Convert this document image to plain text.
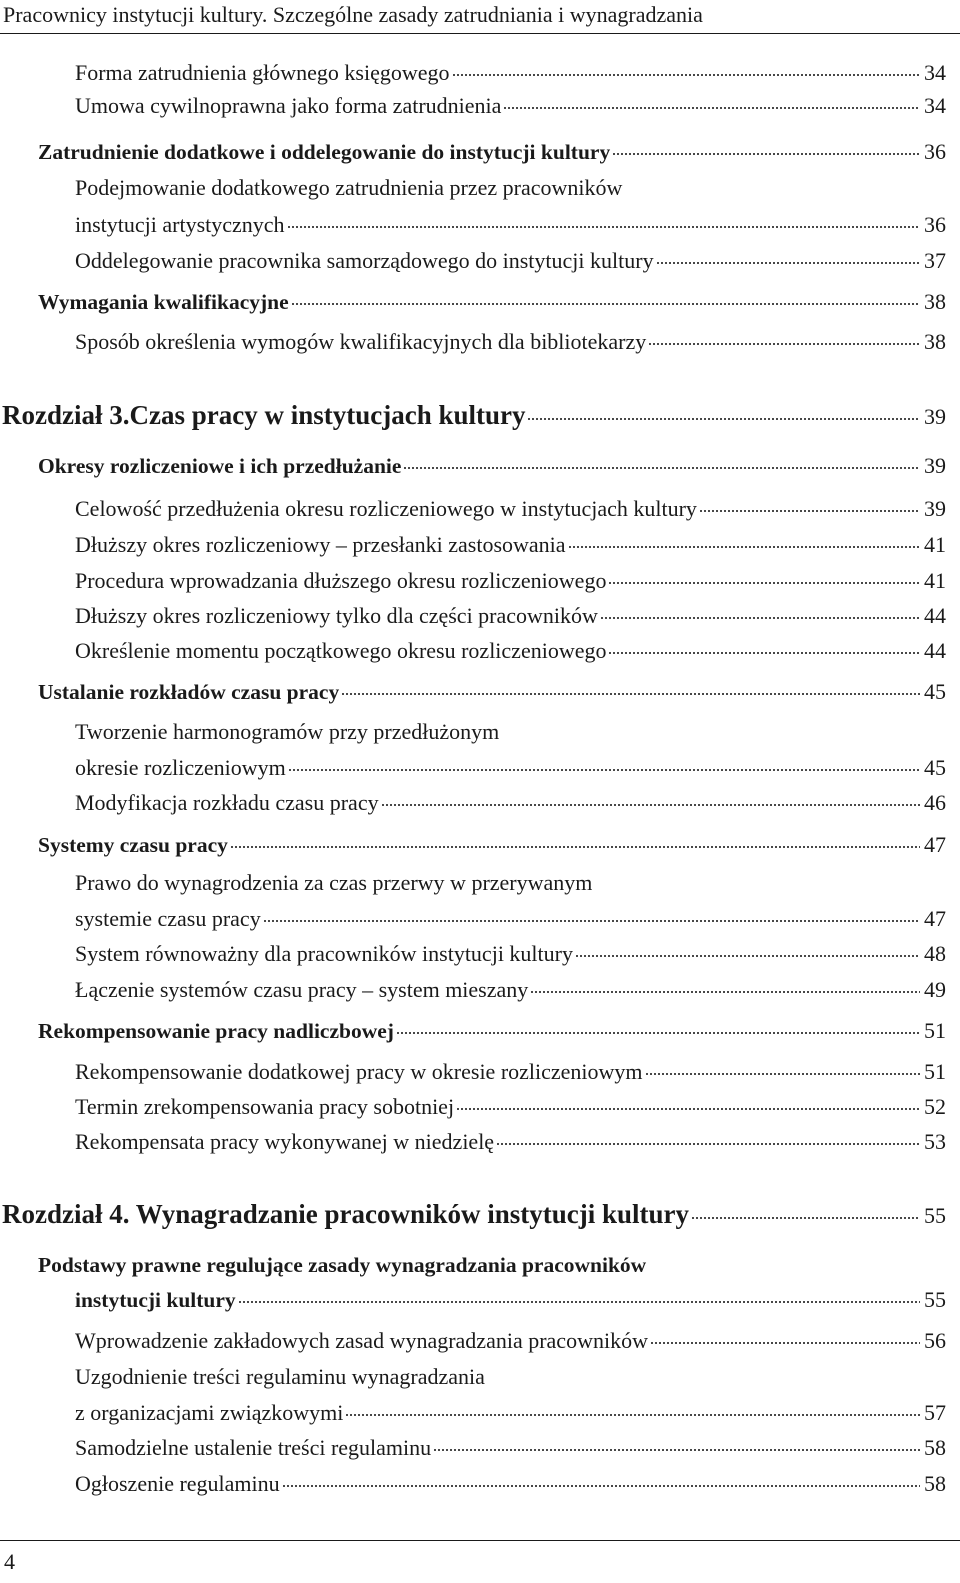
Pracownicy instytucji kultury. Szczególne zasady zatrudniania i wynagradzania
Forma zatrudnienia głównego księgowego	34
Umowa cywilnoprawna jako forma zatrudnienia	34
Zatrudnienie dodatkowe i oddelegowanie do instytucji kultury	36
Podejmowanie dodatkowego zatrudnienia przez pracowników
instytucji artystycznych	36
Oddelegowanie pracownika samorządowego do instytucji kultury	37
Wymagania kwalifikacyjne	38
Sposób określenia wymogów kwalifikacyjnych dla bibliotekarzy	38
Rozdział 3.Czas pracy w instytucjach kultury	39
Okresy rozliczeniowe i ich przedłużanie	39
Celowość przedłużenia okresu rozliczeniowego w instytucjach kultury	39
Dłuższy okres rozliczeniowy – przesłanki zastosowania	41
Procedura wprowadzania dłuższego okresu rozliczeniowego	41
Dłuższy okres rozliczeniowy tylko dla części pracowników	44
Określenie momentu początkowego okresu rozliczeniowego	44
Ustalanie rozkładów czasu pracy	45
Tworzenie harmonogramów przy przedłużonym
okresie rozliczeniowym	45
Modyfikacja rozkładu czasu pracy	46
Systemy czasu pracy	47
Prawo do wynagrodzenia za czas przerwy w przerywanym
systemie czasu pracy	47
System równoważny dla pracowników instytucji kultury	48
Łączenie systemów czasu pracy – system mieszany	49
Rekompensowanie pracy nadliczbowej	51
Rekompensowanie dodatkowej pracy w okresie rozliczeniowym	51
Termin zrekompensowania pracy sobotniej	52
Rekompensata pracy wykonywanej w niedzielę	53
Rozdział 4. Wynagradzanie pracowników instytucji kultury	55
Podstawy prawne regulujące zasady wynagradzania pracowników
instytucji kultury	55
Wprowadzenie zakładowych zasad wynagradzania pracowników	56
Uzgodnienie treści regulaminu wynagradzania
z organizacjami związkowymi	57
Samodzielne ustalenie treści regulaminu	58
Ogłoszenie regulaminu	58
4
